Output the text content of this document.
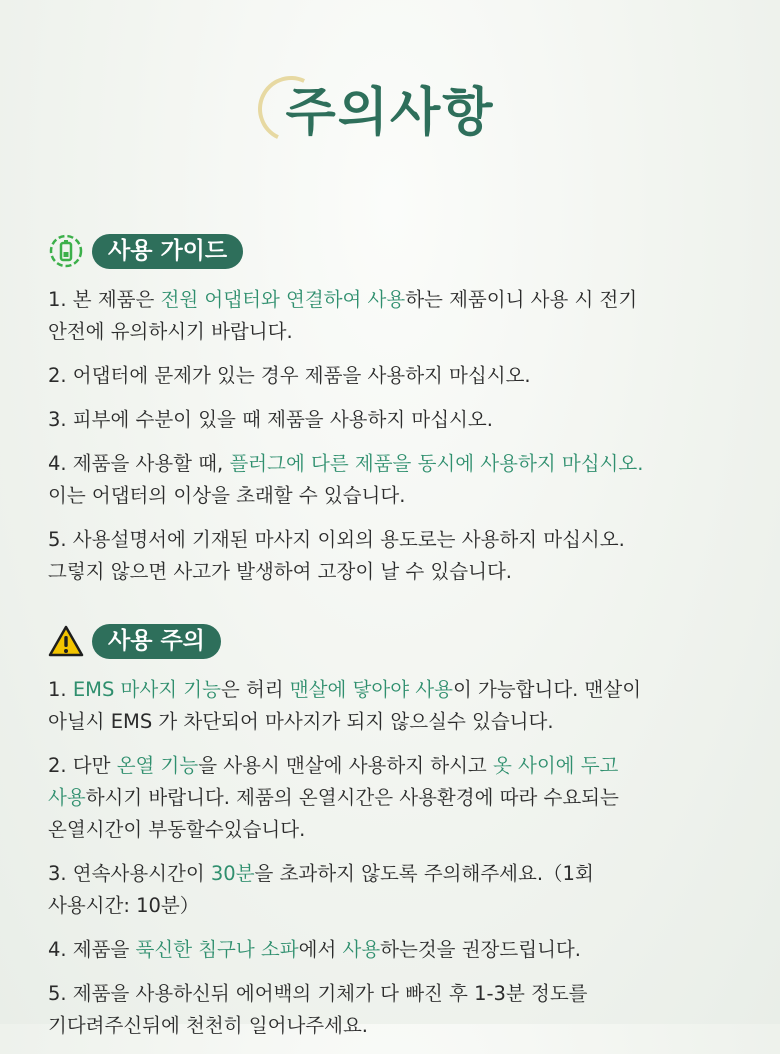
주의사항
사용 가이드
1. 본 제품은 전원 어댑터와 연결하여 사용하는 제품이니 사용 시 전기
안전에 유의하시기 바랍니다.
2. 어댑터에 문제가 있는 경우 제품을 사용하지 마십시오.
3. 피부에 수분이 있을 때 제품을 사용하지 마십시오.
4. 제품을 사용할 때, 플러그에 다른 제품을 동시에 사용하지 마십시오.
이는 어댑터의 이상을 초래할 수 있습니다.
5. 사용설명서에 기재된 마사지 이외의 용도로는 사용하지 마십시오.
그렇지 않으면 사고가 발생하여 고장이 날 수 있습니다.
사용 주의
1. EMS 마사지 기능은 허리 맨살에 닿아야 사용이 가능합니다. 맨살이
아닐시 EMS 가 차단되어 마사지가 되지 않으실수 있습니다.
2. 다만 온열 기능을 사용시 맨살에 사용하지 하시고 옷 사이에 두고
사용하시기 바랍니다. 제품의 온열시간은 사용환경에 따라 수요되는
온열시간이 부동할수있습니다.
3. 연속사용시간이 30분을 초과하지 않도록 주의해주세요.（1회
사용시간: 10분）
4. 제품을 푹신한 침구나 소파에서 사용하는것을 권장드립니다.
5. 제품을 사용하신뒤 에어백의 기체가 다 빠진 후 1-3분 정도를
기다려주신뒤에 천천히 일어나주세요.
